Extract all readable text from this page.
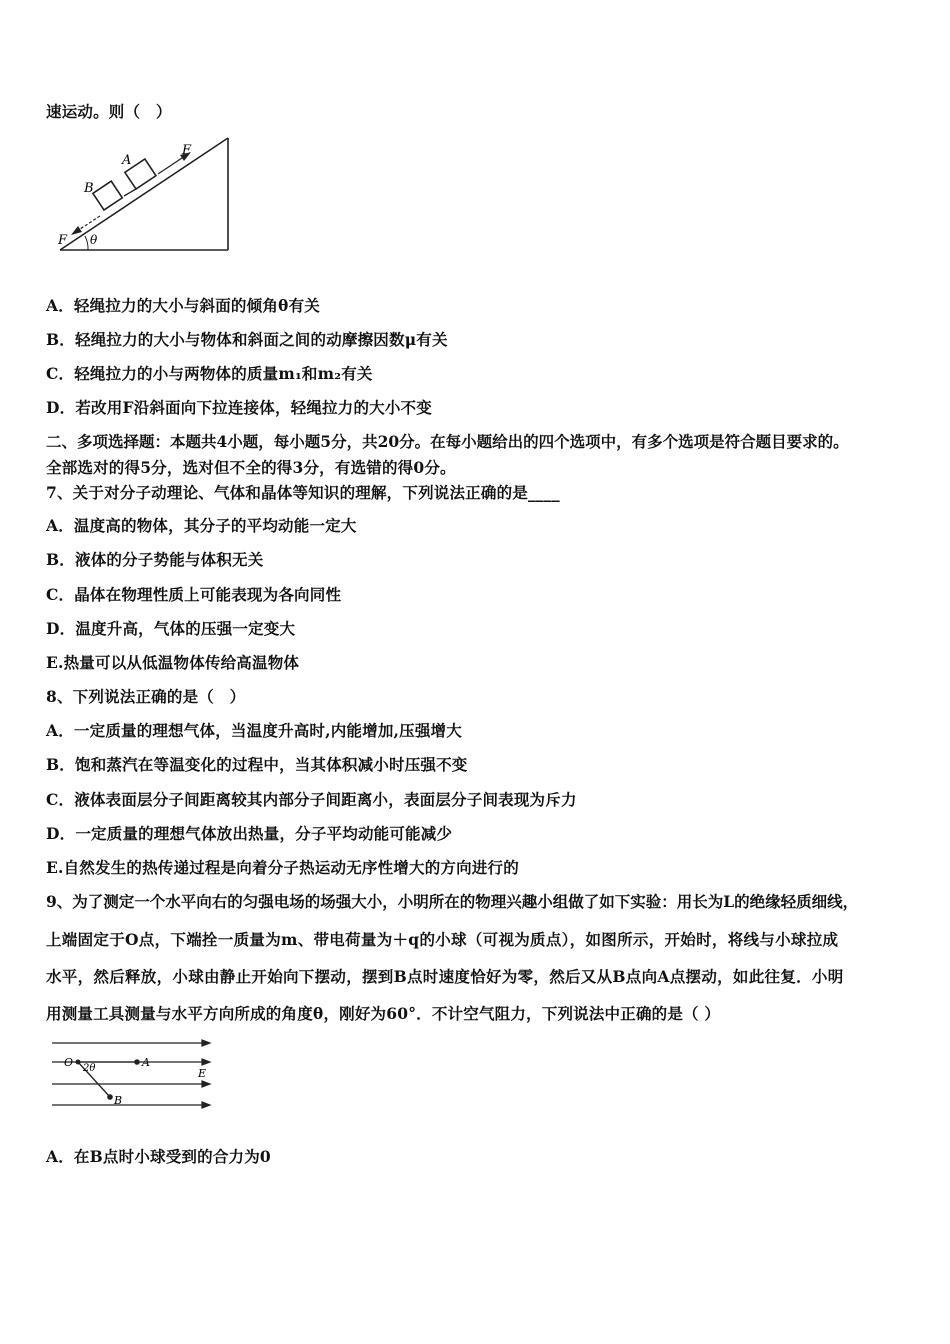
速运动。则（　）
A
B
F
F θ
A．轻绳拉力的大小与斜面的倾角θ有关
B．轻绳拉力的大小与物体和斜面之间的动摩擦因数μ有关
C．轻绳拉力的小与两物体的质量m₁和m₂有关
D．若改用F沿斜面向下拉连接体，轻绳拉力的大小不变
二、多项选择题：本题共4小题，每小题5分，共20分。在每小题给出的四个选项中，有多个选项是符合题目要求的。
全部选对的得5分，选对但不全的得3分，有选错的得0分。
7、关于对分子动理论、气体和晶体等知识的理解，下列说法正确的是____
A．温度高的物体，其分子的平均动能一定大
B．液体的分子势能与体积无关
C．晶体在物理性质上可能表现为各向同性
D．温度升高，气体的压强一定变大
E.热量可以从低温物体传给高温物体
8、下列说法正确的是（　）
A．一定质量的理想气体，当温度升高时,内能增加,压强增大
B．饱和蒸汽在等温变化的过程中，当其体积减小时压强不变
C．液体表面层分子间距离较其内部分子间距离小，表面层分子间表现为斥力
D．一定质量的理想气体放出热量，分子平均动能可能减少
E.自然发生的热传递过程是向着分子热运动无序性增大的方向进行的
9、为了测定一个水平向右的匀强电场的场强大小，小明所在的物理兴趣小组做了如下实验：用长为L的绝缘轻质细线，
上端固定于O点，下端拴一质量为m、带电荷量为＋q的小球（可视为质点），如图所示，开始时，将线与小球拉成
水平，然后释放，小球由静止开始向下摆动，摆到B点时速度恰好为零，然后又从B点向A点摆动，如此往复．小明
用测量工具测量与水平方向所成的角度θ，刚好为60°．不计空气阻力，下列说法中正确的是（ ）
O 2θ	A
E
B
A．在B点时小球受到的合力为0
